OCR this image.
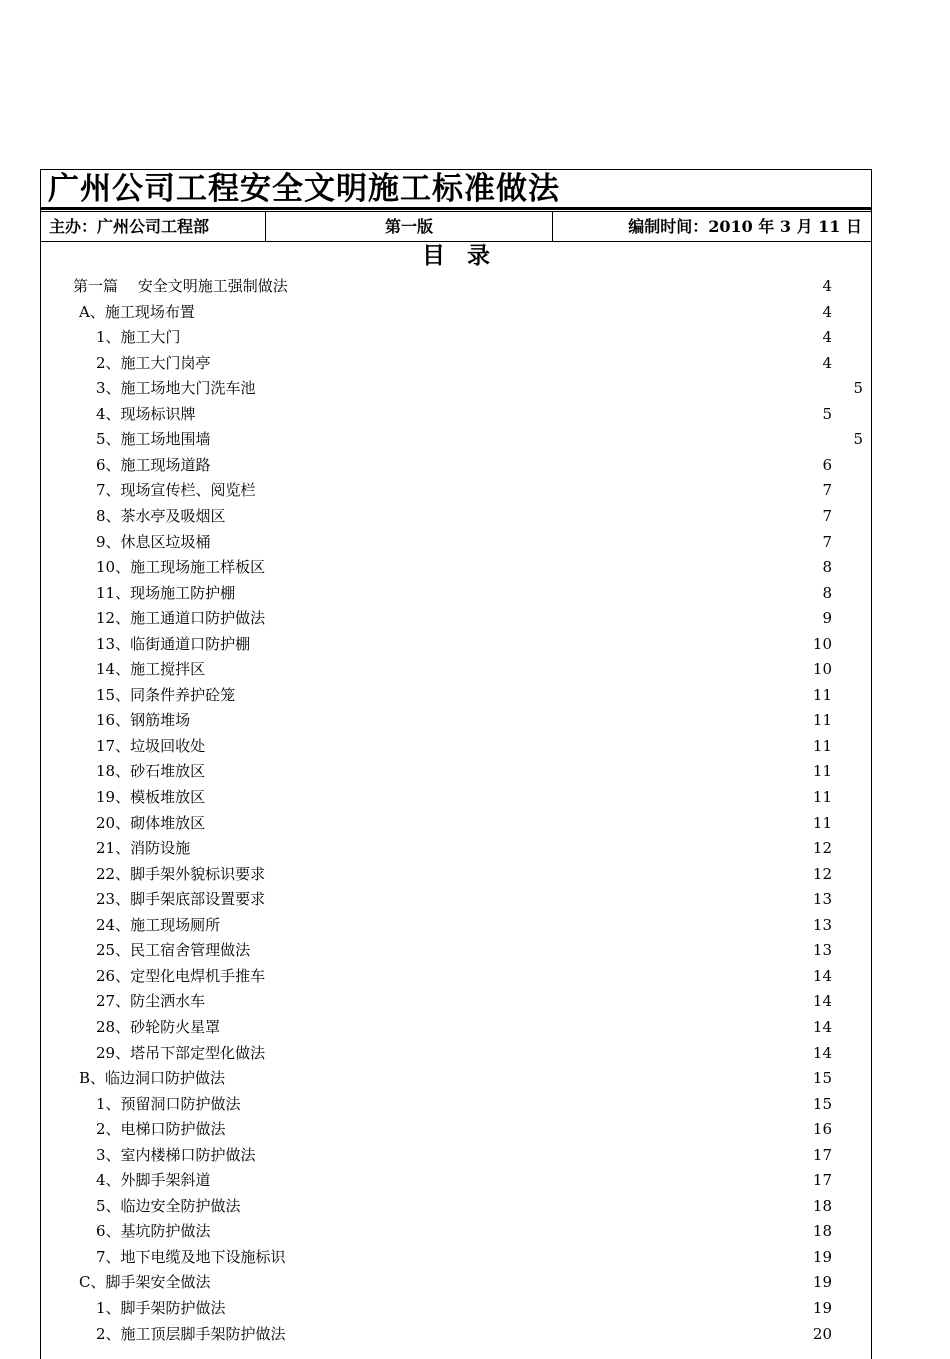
广州公司工程安全文明施工标准做法
主办：广州公司工程部	第一版	编制时间：2010 年 3 月 11 日
目录
第一篇　 安全文明施工强制做法	4
A、施工现场布置	4
1、施工大门	4
2、施工大门岗亭	4
3、施工场地大门洗车池	5
4、现场标识牌	5
5、施工场地围墙	5
6、施工现场道路	6
7、现场宣传栏、阅览栏	7
8、茶水亭及吸烟区	7
9、休息区垃圾桶	7
10、施工现场施工样板区	8
11、现场施工防护棚	8
12、施工通道口防护做法	9
13、临街通道口防护棚	10
14、施工搅拌区	10
15、同条件养护砼笼	11
16、钢筋堆场	11
17、垃圾回收处	11
18、砂石堆放区	11
19、模板堆放区	11
20、砌体堆放区	11
21、消防设施	12
22、脚手架外貌标识要求	12
23、脚手架底部设置要求	13
24、施工现场厕所	13
25、民工宿舍管理做法	13
26、定型化电焊机手推车	14
27、防尘洒水车	14
28、砂轮防火星罩	14
29、塔吊下部定型化做法	14
B、临边洞口防护做法	15
1、预留洞口防护做法	15
2、电梯口防护做法	16
3、室内楼梯口防护做法	17
4、外脚手架斜道	17
5、临边安全防护做法	18
6、基坑防护做法	18
7、地下电缆及地下设施标识	19
C、脚手架安全做法	19
1、脚手架防护做法	19
2、施工顶层脚手架防护做法	20
